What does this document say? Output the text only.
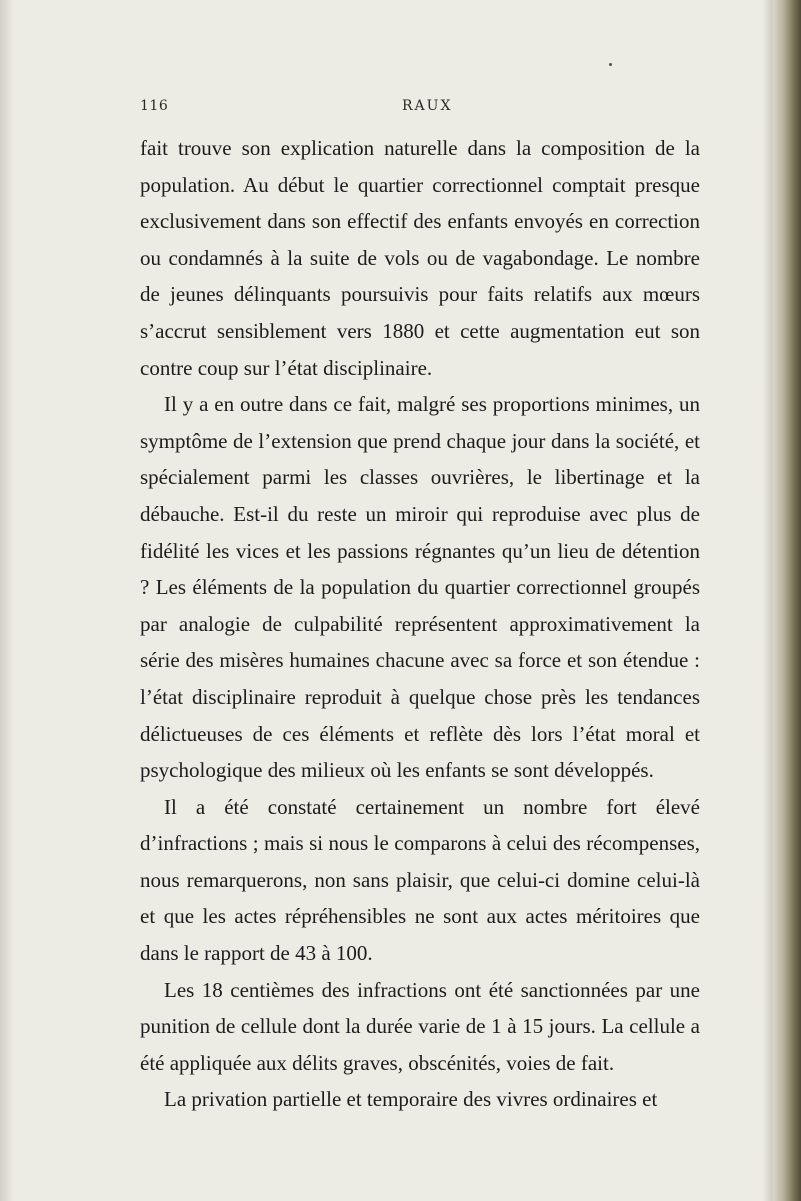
116	RAUX

fait trouve son explication naturelle dans la composition de la population. Au début le quartier correctionnel comptait presque exclusivement dans son effectif des enfants envoyés en correction ou condamnés à la suite de vols ou de vagabondage. Le nombre de jeunes délinquants poursuivis pour faits relatifs aux mœurs s’accrut sensiblement vers 1880 et cette augmentation eut son contre coup sur l’état disciplinaire.

Il y a en outre dans ce fait, malgré ses proportions minimes, un symptôme de l’extension que prend chaque jour dans la société, et spécialement parmi les classes ouvrières, le libertinage et la débauche. Est-il du reste un miroir qui reproduise avec plus de fidélité les vices et les passions régnantes qu’un lieu de détention ? Les éléments de la population du quartier correctionnel groupés par analogie de culpabilité représentent approximativement la série des misères humaines chacune avec sa force et son étendue : l’état disciplinaire reproduit à quelque chose près les tendances délictueuses de ces éléments et reflète dès lors l’état moral et psychologique des milieux où les enfants se sont développés.

Il a été constaté certainement un nombre fort élevé d’infractions ; mais si nous le comparons à celui des récompenses, nous remarquerons, non sans plaisir, que celui-ci domine celui-là et que les actes répréhensibles ne sont aux actes méritoires que dans le rapport de 43 à 100.

Les 18 centièmes des infractions ont été sanctionnées par une punition de cellule dont la durée varie de 1 à 15 jours. La cellule a été appliquée aux délits graves, obscénités, voies de fait.

La privation partielle et temporaire des vivres ordinaires et
